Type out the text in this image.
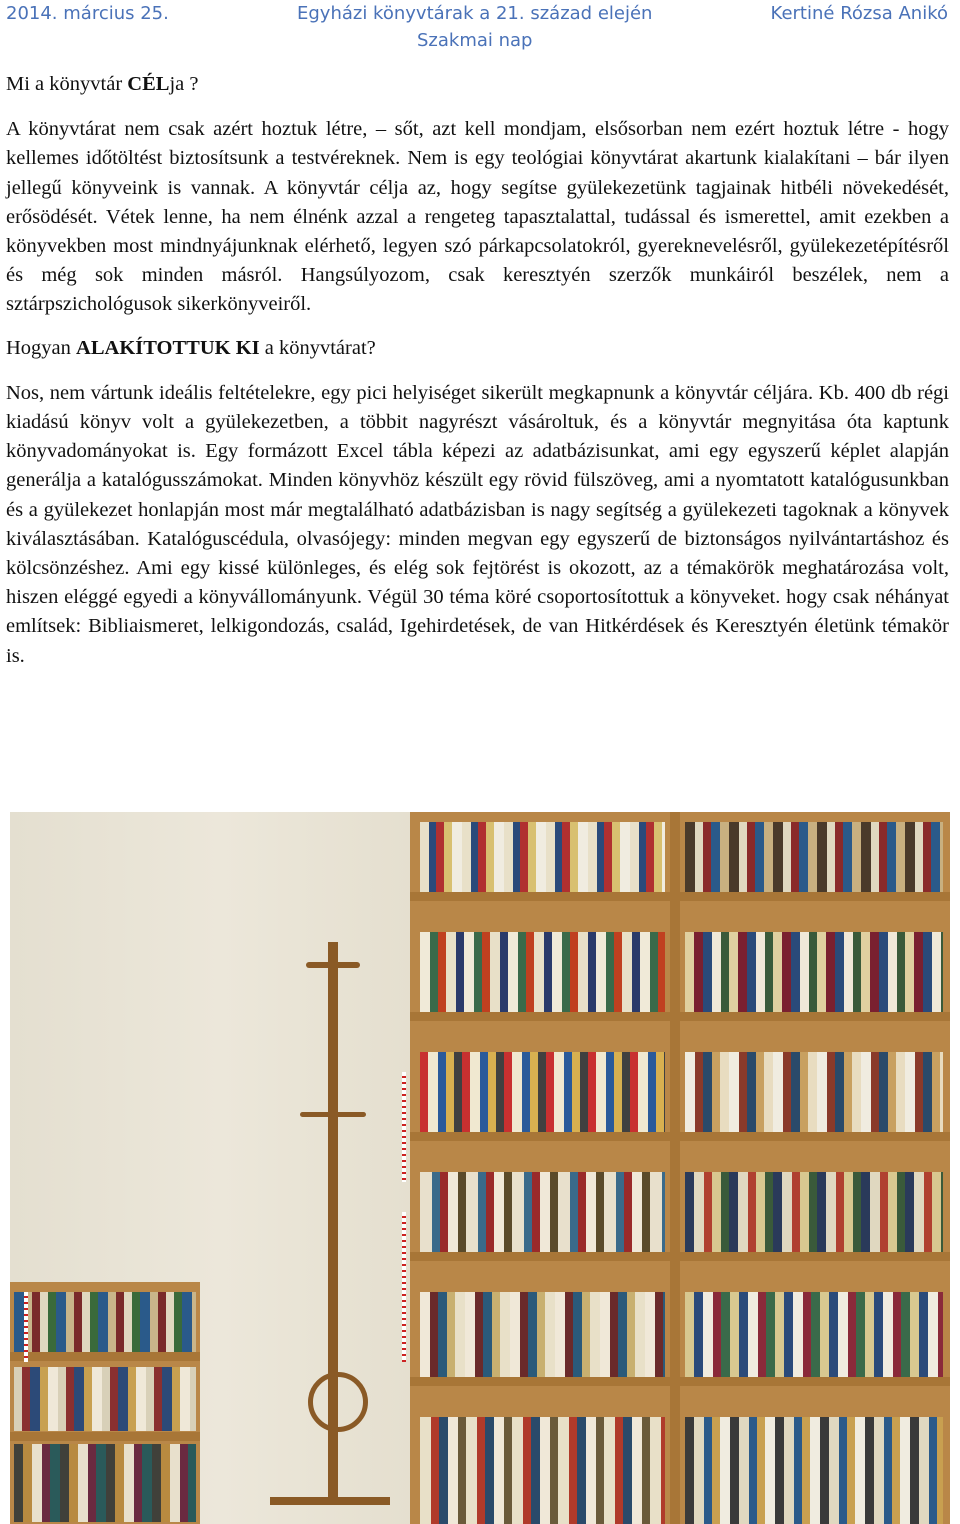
2014. március 25.	Egyházi könyvtárak a 21. század elején
Szakmai nap
Kertiné Rózsa Anikó

Mi a könyvtár CÉLja ?

A könyvtárat nem csak azért hoztuk létre, – sőt, azt kell mondjam, elsősorban nem ezért hoztuk létre - hogy kellemes időtöltést biztosítsunk a testvéreknek. Nem is egy teológiai könyvtárat akartunk kialakítani – bár ilyen jellegű könyveink is vannak. A könyvtár célja az, hogy segítse gyülekezetünk tagjainak hitbéli növekedését, erősödését. Vétek lenne, ha nem élnénk azzal a rengeteg tapasztalattal, tudással és ismerettel, amit ezekben a könyvekben most mindnyájunknak elérhető, legyen szó párkapcsolatokról, gyereknevelésről, gyülekezetépítésről és még sok minden másról. Hangsúlyozom, csak keresztyén szerzők munkáiról beszélek, nem a sztárpszichológusok sikerkönyveiről.

Hogyan ALAKÍTOTTUK KI a könyvtárat?

Nos, nem vártunk ideális feltételekre, egy pici helyiséget sikerült megkapnunk a könyvtár céljára. Kb. 400 db régi kiadású könyv volt a gyülekezetben, a többit nagyrészt vásároltuk, és a könyvtár megnyitása óta kaptunk könyvadományokat is. Egy formázott Excel tábla képezi az adatbázisunkat, ami egy egyszerű képlet alapján generálja a katalógusszámokat. Minden könyvhöz készült egy rövid fülszöveg, ami a nyomtatott katalógusunkban és a gyülekezet honlapján most már megtalálható adatbázisban is nagy segítség a gyülekezeti tagoknak a könyvek kiválasztásában. Katalóguscédula, olvasójegy: minden megvan egy egyszerű de biztonságos nyilvántartáshoz és kölcsönzéshez. Ami egy kissé különleges, és elég sok fejtörést is okozott, az a témakörök meghatározása volt, hiszen eléggé egyedi a könyvállományunk. Végül 30 téma köré csoportosítottuk a könyveket. hogy csak néhányat említsek: Bibliaismeret, lelkigondozás, család, Igehirdetések, de van Hitkérdések és Keresztyén életünk témakör is.
